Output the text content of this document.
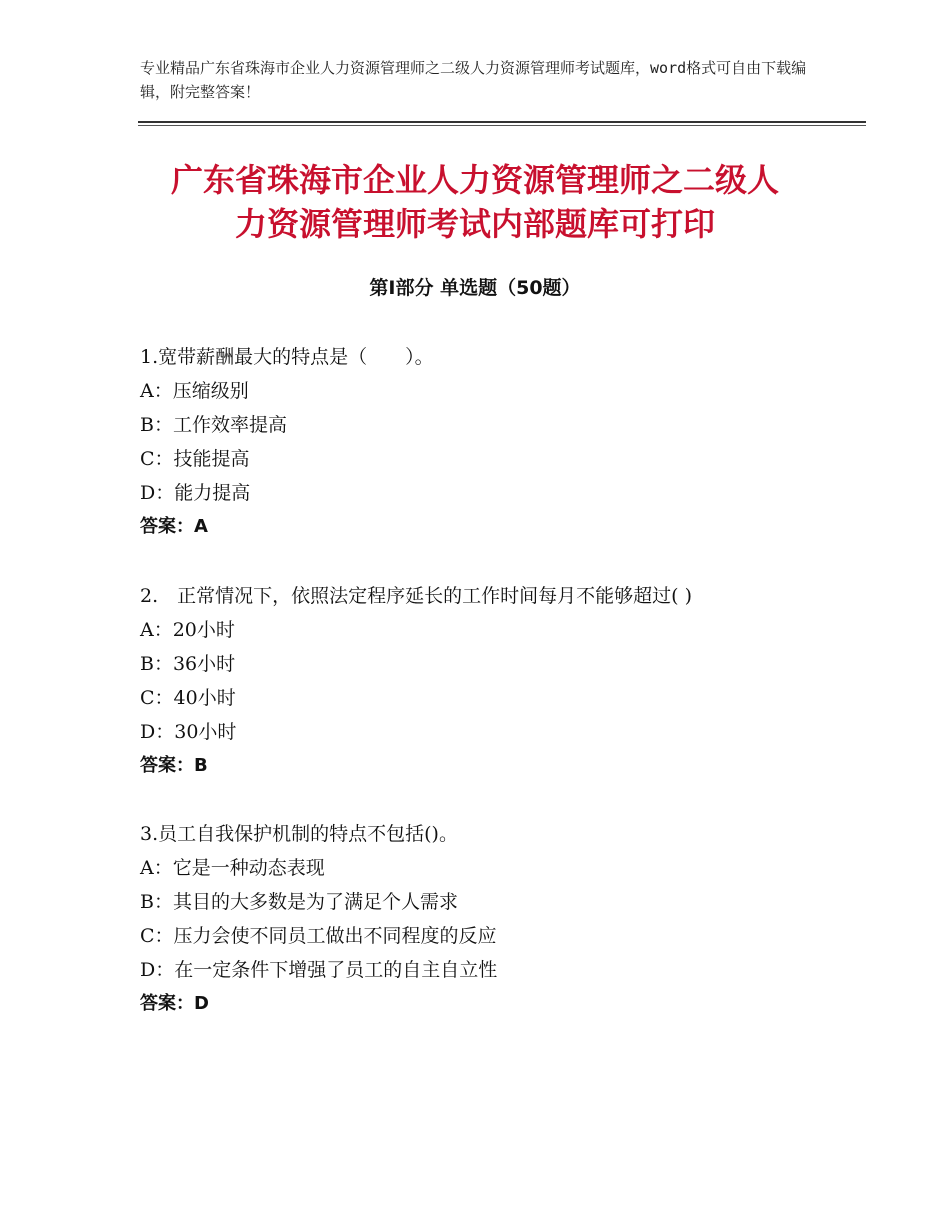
专业精品广东省珠海市企业人力资源管理师之二级人力资源管理师考试题库，word格式可自由下载编辑，附完整答案！
广东省珠海市企业人力资源管理师之二级人
力资源管理师考试内部题库可打印
第Ⅰ部分 单选题（50题）
1.宽带薪酬最大的特点是（　　）。
A：压缩级别
B：工作效率提高
C：技能提高
D：能力提高
答案：A
2.　正常情况下，依照法定程序延长的工作时间每月不能够超过( )
A：20小时
B：36小时
C：40小时
D：30小时
答案：B
3.员工自我保护机制的特点不包括()。
A：它是一种动态表现
B：其目的大多数是为了满足个人需求
C：压力会使不同员工做出不同程度的反应
D：在一定条件下增强了员工的自主自立性
答案：D
